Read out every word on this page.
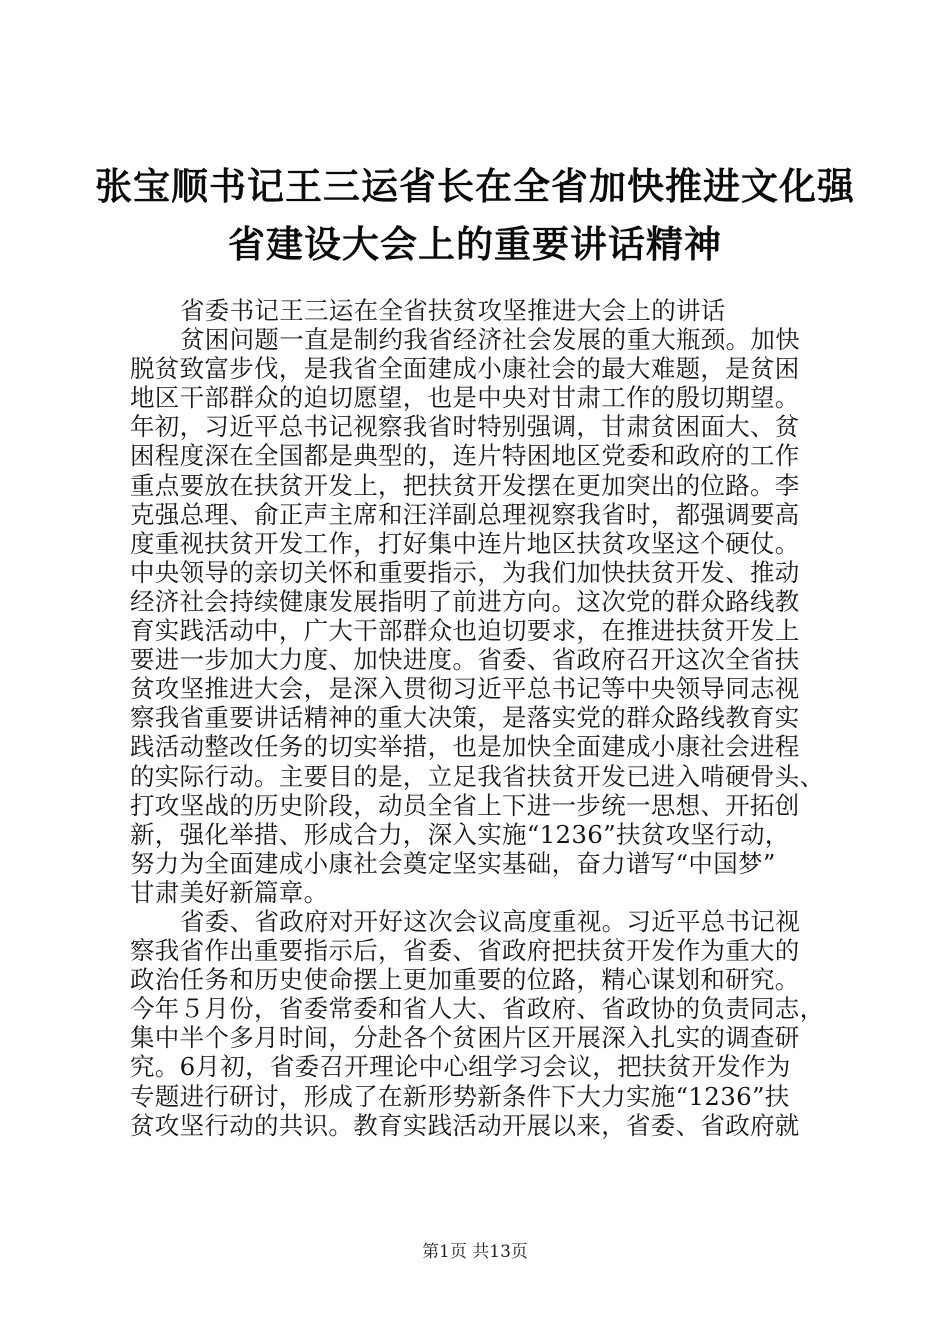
张宝顺书记王三运省长在全省加快推进文化强
省建设大会上的重要讲话精神
省委书记王三运在全省扶贫攻坚推进大会上的讲话
贫困问题一直是制约我省经济社会发展的重大瓶颈。加快
脱贫致富步伐，是我省全面建成小康社会的最大难题，是贫困
地区干部群众的迫切愿望，也是中央对甘肃工作的殷切期望。
年初，习近平总书记视察我省时特别强调，甘肃贫困面大、贫
困程度深在全国都是典型的，连片特困地区党委和政府的工作
重点要放在扶贫开发上，把扶贫开发摆在更加突出的位路。李
克强总理、俞正声主席和汪洋副总理视察我省时，都强调要高
度重视扶贫开发工作，打好集中连片地区扶贫攻坚这个硬仗。
中央领导的亲切关怀和重要指示，为我们加快扶贫开发、推动
经济社会持续健康发展指明了前进方向。这次党的群众路线教
育实践活动中，广大干部群众也迫切要求，在推进扶贫开发上
要进一步加大力度、加快进度。省委、省政府召开这次全省扶
贫攻坚推进大会，是深入贯彻习近平总书记等中央领导同志视
察我省重要讲话精神的重大决策，是落实党的群众路线教育实
践活动整改任务的切实举措，也是加快全面建成小康社会进程
的实际行动。主要目的是，立足我省扶贫开发已进入啃硬骨头、
打攻坚战的历史阶段，动员全省上下进一步统一思想、开拓创
新，强化举措、形成合力，深入实施“1236”扶贫攻坚行动，
努力为全面建成小康社会奠定坚实基础，奋力谱写“中国梦”
甘肃美好新篇章。
省委、省政府对开好这次会议高度重视。习近平总书记视
察我省作出重要指示后，省委、省政府把扶贫开发作为重大的
政治任务和历史使命摆上更加重要的位路，精心谋划和研究。
今年５月份，省委常委和省人大、省政府、省政协的负责同志，
集中半个多月时间，分赴各个贫困片区开展深入扎实的调查研
究。6月初，省委召开理论中心组学习会议，把扶贫开发作为
专题进行研讨，形成了在新形势新条件下大力实施“1236”扶
贫攻坚行动的共识。教育实践活动开展以来，省委、省政府就
第1页 共13页
